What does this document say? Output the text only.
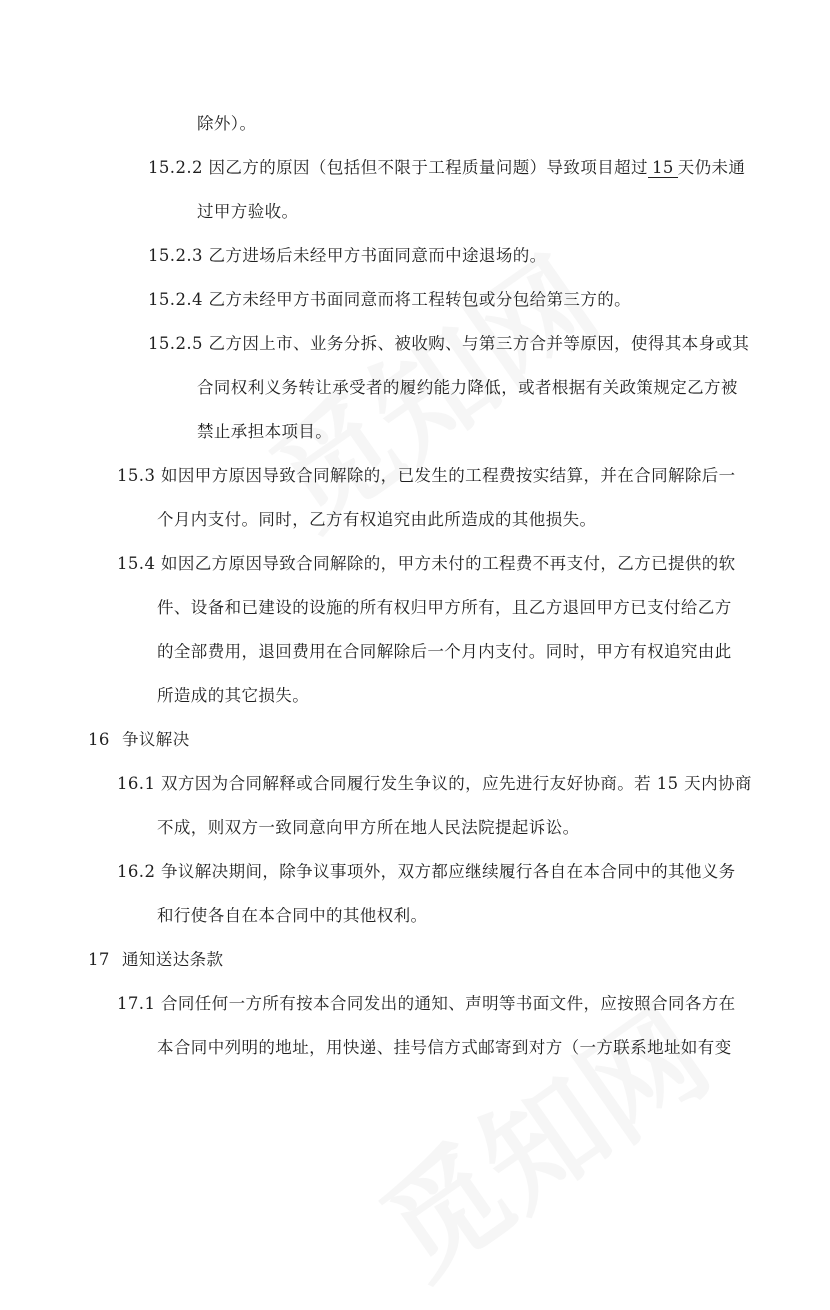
除外）。
15.2.2 因乙方的原因（包括但不限于工程质量问题）导致项目超过 15 天仍未通
过甲方验收。
15.2.3 乙方进场后未经甲方书面同意而中途退场的。
15.2.4 乙方未经甲方书面同意而将工程转包或分包给第三方的。
15.2.5 乙方因上市、业务分拆、被收购、与第三方合并等原因，使得其本身或其
合同权利义务转让承受者的履约能力降低，或者根据有关政策规定乙方被
禁止承担本项目。
15.3 如因甲方原因导致合同解除的，已发生的工程费按实结算，并在合同解除后一
个月内支付。同时，乙方有权追究由此所造成的其他损失。
15.4 如因乙方原因导致合同解除的，甲方未付的工程费不再支付，乙方已提供的软
件、设备和已建设的设施的所有权归甲方所有，且乙方退回甲方已支付给乙方
的全部费用，退回费用在合同解除后一个月内支付。同时，甲方有权追究由此
所造成的其它损失。
16 争议解决
16.1 双方因为合同解释或合同履行发生争议的，应先进行友好协商。若 15 天内协商
不成，则双方一致同意向甲方所在地人民法院提起诉讼。
16.2 争议解决期间，除争议事项外，双方都应继续履行各自在本合同中的其他义务
和行使各自在本合同中的其他权利。
17 通知送达条款
17.1 合同任何一方所有按本合同发出的通知、声明等书面文件，应按照合同各方在
本合同中列明的地址，用快递、挂号信方式邮寄到对方（一方联系地址如有变
